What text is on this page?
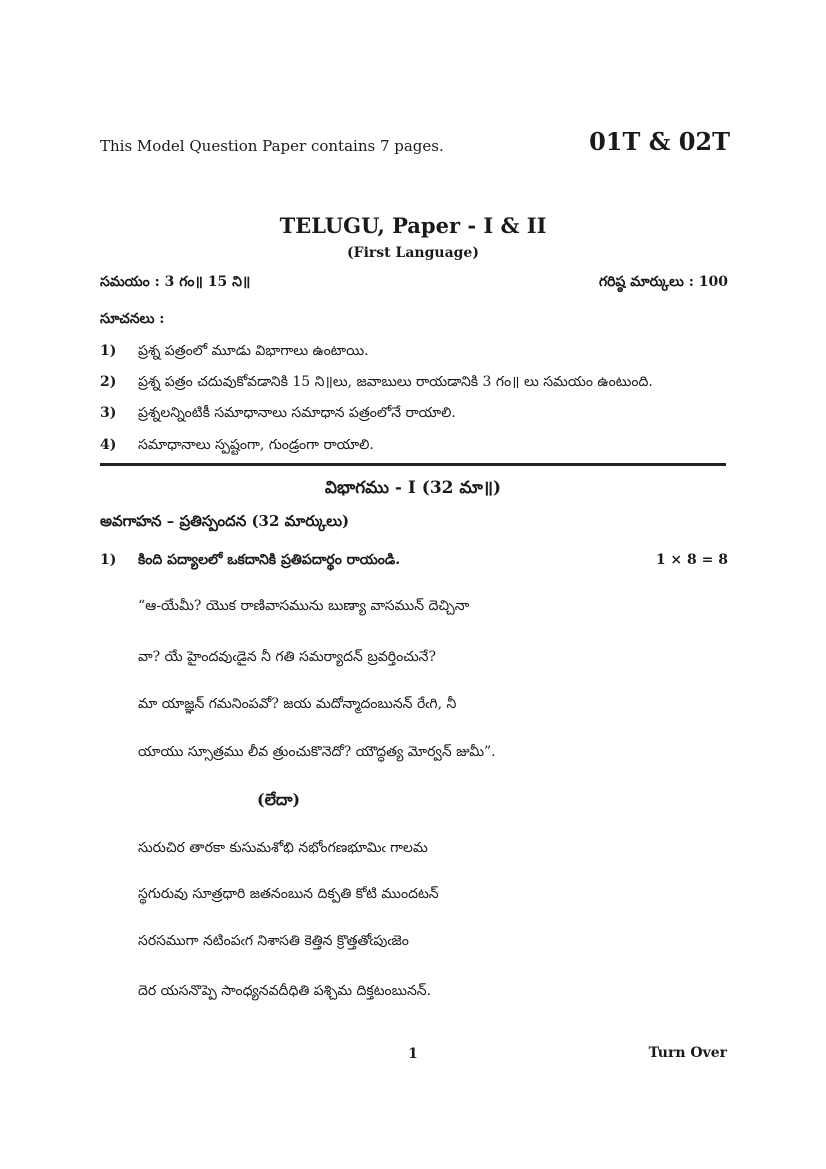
This Model Question Paper contains 7 pages.	01T & 02T
TELUGU, Paper - I & II
(First Language)
సమయం : 3 గం॥ 15 ని॥	గరిష్ఠ మార్కులు : 100
సూచనలు :
1) ప్రశ్న పత్రంలో మూడు విభాగాలు ఉంటాయి.
2) ప్రశ్న పత్రం చదువుకోవడానికి 15 ని॥లు, జవాబులు రాయడానికి 3 గం॥ లు సమయం ఉంటుంది.
3) ప్రశ్నలన్నింటికీ సమాధానాలు సమాధాన పత్రంలోనే రాయాలి.
4) సమాధానాలు స్పష్టంగా, గుండ్రంగా రాయాలి.
విభాగము - I (32 మా॥)
అవగాహన – ప్రతిస్పందన (32 మార్కులు)
1) కింది పద్యాలలో ఒకదానికి ప్రతిపదార్థం రాయండి.	1 × 8 = 8
“ఆ-యేమీ? యొక రాణివాసమును బుణ్యా వాసమున్ దెచ్చినా
వా? యే హైందవుఁడైన నీ గతి సమర్యాదన్ బ్రవర్తించునే?
మా యాజ్ఞన్ గమనింపవో? జయ మదోన్మాదంబునన్ రేఁగి, నీ
యాయు స్సూత్రము లీవ త్రుంచుకొనెదో? యౌద్ధత్య మోర్వన్ జుమీ”.
(లేదా)
సురుచిర తారకా కుసుమశోభి నభోంగణభూమిఁ గాలమ
స్థగురువు సూత్రధారి జతనంబున దిక్పతి కోటి ముందటన్
సరసముగా నటింపఁగ నిశాసతి కెత్తిన క్రొత్తతోఁపుఁజెం
దెర యసనొప్పె సాంధ్యనవదీధితి పశ్చిమ దిక్తటంబునన్.
1	Turn Over
